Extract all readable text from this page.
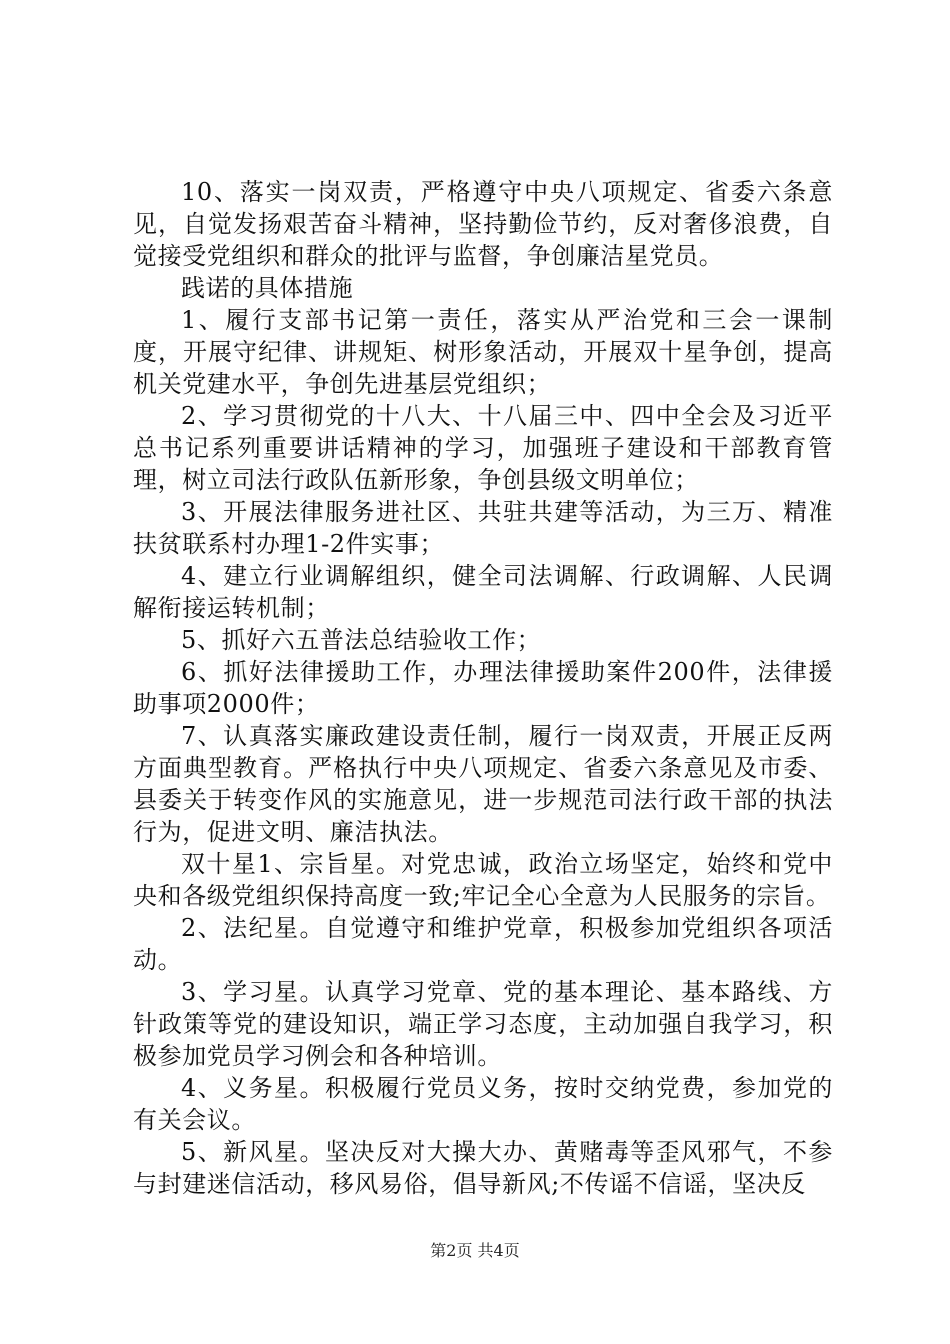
10、落实一岗双责，严格遵守中央八项规定、省委六条意见，自觉发扬艰苦奋斗精神，坚持勤俭节约，反对奢侈浪费，自觉接受党组织和群众的批评与监督，争创廉洁星党员。

践诺的具体措施

1、履行支部书记第一责任，落实从严治党和三会一课制度，开展守纪律、讲规矩、树形象活动，开展双十星争创，提高机关党建水平，争创先进基层党组织；

2、学习贯彻党的十八大、十八届三中、四中全会及习近平总书记系列重要讲话精神的学习，加强班子建设和干部教育管理，树立司法行政队伍新形象，争创县级文明单位；

3、开展法律服务进社区、共驻共建等活动，为三万、精准扶贫联系村办理1-2件实事；

4、建立行业调解组织，健全司法调解、行政调解、人民调解衔接运转机制；

5、抓好六五普法总结验收工作；

6、抓好法律援助工作，办理法律援助案件200件，法律援助事项2000件；

7、认真落实廉政建设责任制，履行一岗双责，开展正反两方面典型教育。严格执行中央八项规定、省委六条意见及市委、县委关于转变作风的实施意见，进一步规范司法行政干部的执法行为，促进文明、廉洁执法。

双十星1、宗旨星。对党忠诚，政治立场坚定，始终和党中央和各级党组织保持高度一致;牢记全心全意为人民服务的宗旨。

2、法纪星。自觉遵守和维护党章，积极参加党组织各项活动。

3、学习星。认真学习党章、党的基本理论、基本路线、方针政策等党的建设知识，端正学习态度，主动加强自我学习，积极参加党员学习例会和各种培训。

4、义务星。积极履行党员义务，按时交纳党费，参加党的有关会议。

5、新风星。坚决反对大操大办、黄赌毒等歪风邪气，不参与封建迷信活动，移风易俗，倡导新风;不传谣不信谣，坚决反

第2页 共4页
